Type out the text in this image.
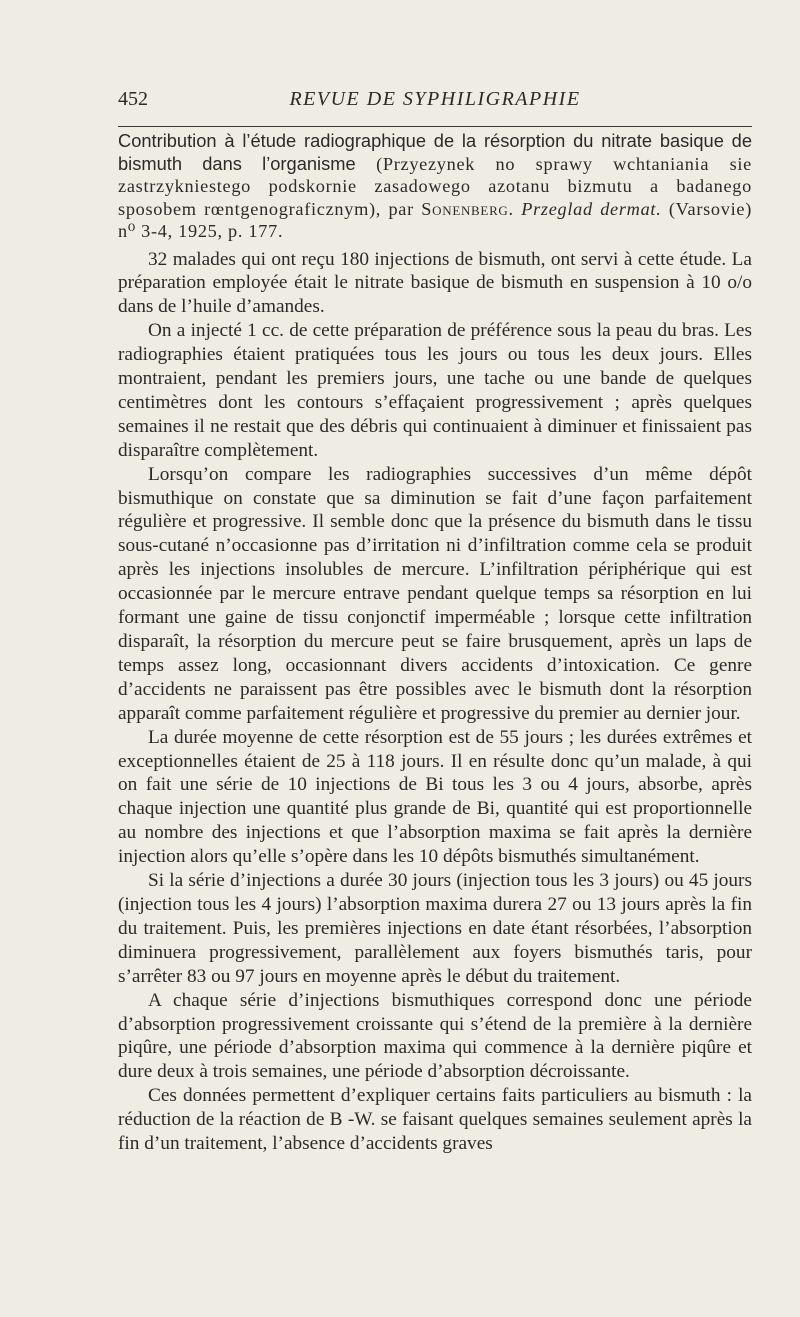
452	REVUE DE SYPHILIGRAPHIE

Contribution à l’étude radiographique de la résorption du nitrate basique de bismuth dans l’organisme (Przyezynek no sprawy wchtaniania sie zastrzykniestego podskornie zasadowego azotanu bizmutu a badanego sposobem rœntgenograficznym), par Sonenberg. Przeglad dermat. (Varsovie) n⁰ 3-4, 1925, p. 177.

32 malades qui ont reçu 180 injections de bismuth, ont servi à cette étude. La préparation employée était le nitrate basique de bismuth en suspension à 10 o/o dans de l’huile d’amandes.

On a injecté 1 cc. de cette préparation de préférence sous la peau du bras. Les radiographies étaient pratiquées tous les jours ou tous les deux jours. Elles montraient, pendant les premiers jours, une tache ou une bande de quelques centimètres dont les contours s’effaçaient progressivement ; après quelques semaines il ne restait que des débris qui continuaient à diminuer et finissaient pas disparaître complètement.

Lorsqu’on compare les radiographies successives d’un même dépôt bismuthique on constate que sa diminution se fait d’une façon parfaitement régulière et progressive. Il semble donc que la présence du bismuth dans le tissu sous-cutané n’occasionne pas d’irritation ni d’infiltration comme cela se produit après les injections insolubles de mercure. L’infiltration périphérique qui est occasionnée par le mercure entrave pendant quelque temps sa résorption en lui formant une gaine de tissu conjonctif imperméable ; lorsque cette infiltration disparaît, la résorption du mercure peut se faire brusquement, après un laps de temps assez long, occasionnant divers accidents d’intoxication. Ce genre d’accidents ne paraissent pas être possibles avec le bismuth dont la résorption apparaît comme parfaitement régulière et progressive du premier au dernier jour.

La durée moyenne de cette résorption est de 55 jours ; les durées extrêmes et exceptionnelles étaient de 25 à 118 jours. Il en résulte donc qu’un malade, à qui on fait une série de 10 injections de Bi tous les 3 ou 4 jours, absorbe, après chaque injection une quantité plus grande de Bi, quantité qui est proportionnelle au nombre des injections et que l’absorption maxima se fait après la dernière injection alors qu’elle s’opère dans les 10 dépôts bismuthés simultanément.

Si la série d’injections a durée 30 jours (injection tous les 3 jours) ou 45 jours (injection tous les 4 jours) l’absorption maxima durera 27 ou 13 jours après la fin du traitement. Puis, les premières injections en date étant résorbées, l’absorption diminuera progressivement, parallèlement aux foyers bismuthés taris, pour s’arrêter 83 ou 97 jours en moyenne après le début du traitement.

A chaque série d’injections bismuthiques correspond donc une période d’absorption progressivement croissante qui s’étend de la première à la dernière piqûre, une période d’absorption maxima qui commence à la dernière piqûre et dure deux à trois semaines, une période d’absorption décroissante.

Ces données permettent d’expliquer certains faits particuliers au bismuth : la réduction de la réaction de B -W. se faisant quelques semaines seulement après la fin d’un traitement, l’absence d’accidents graves
